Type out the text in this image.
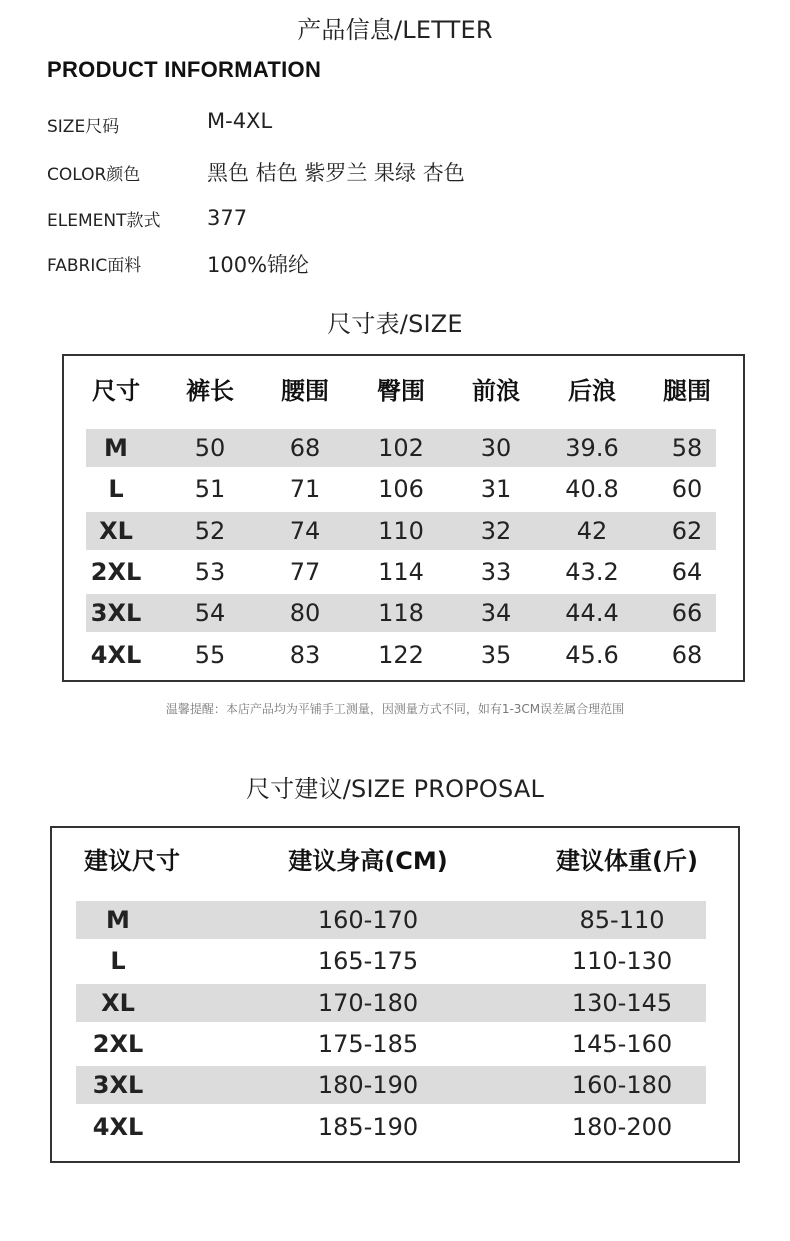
产品信息/LETTER
PRODUCT INFORMATION
SIZE尺码	M-4XL
COLOR颜色	黑色 桔色 紫罗兰 果绿 杏色
ELEMENT款式 377
FABRIC面料	100%锦纶
尺寸表/SIZE
尺寸 裤长 腰围 臀围 前浪 后浪 腿围
M	50	68 102 30 39.6 58
L	51	71 106 31 40.8 60
XL	52	74 110 32	42	62
2XL 53	77 114 33 43.2 64
3XL 54	80 118 34 44.4 66
4XL 55	83 122 35 45.6 68
温馨提醒：本店产品均为平铺手工测量，因测量方式不同，如有1-3CM误差属合理范围
尺寸建议/SIZE PROPOSAL
建议尺寸	建议身高(CM)	建议体重(斤)
M	160-170	85-110
L	165-175	110-130
XL	170-180	130-145
2XL	175-185	145-160
3XL	180-190	160-180
4XL	185-190	180-200
